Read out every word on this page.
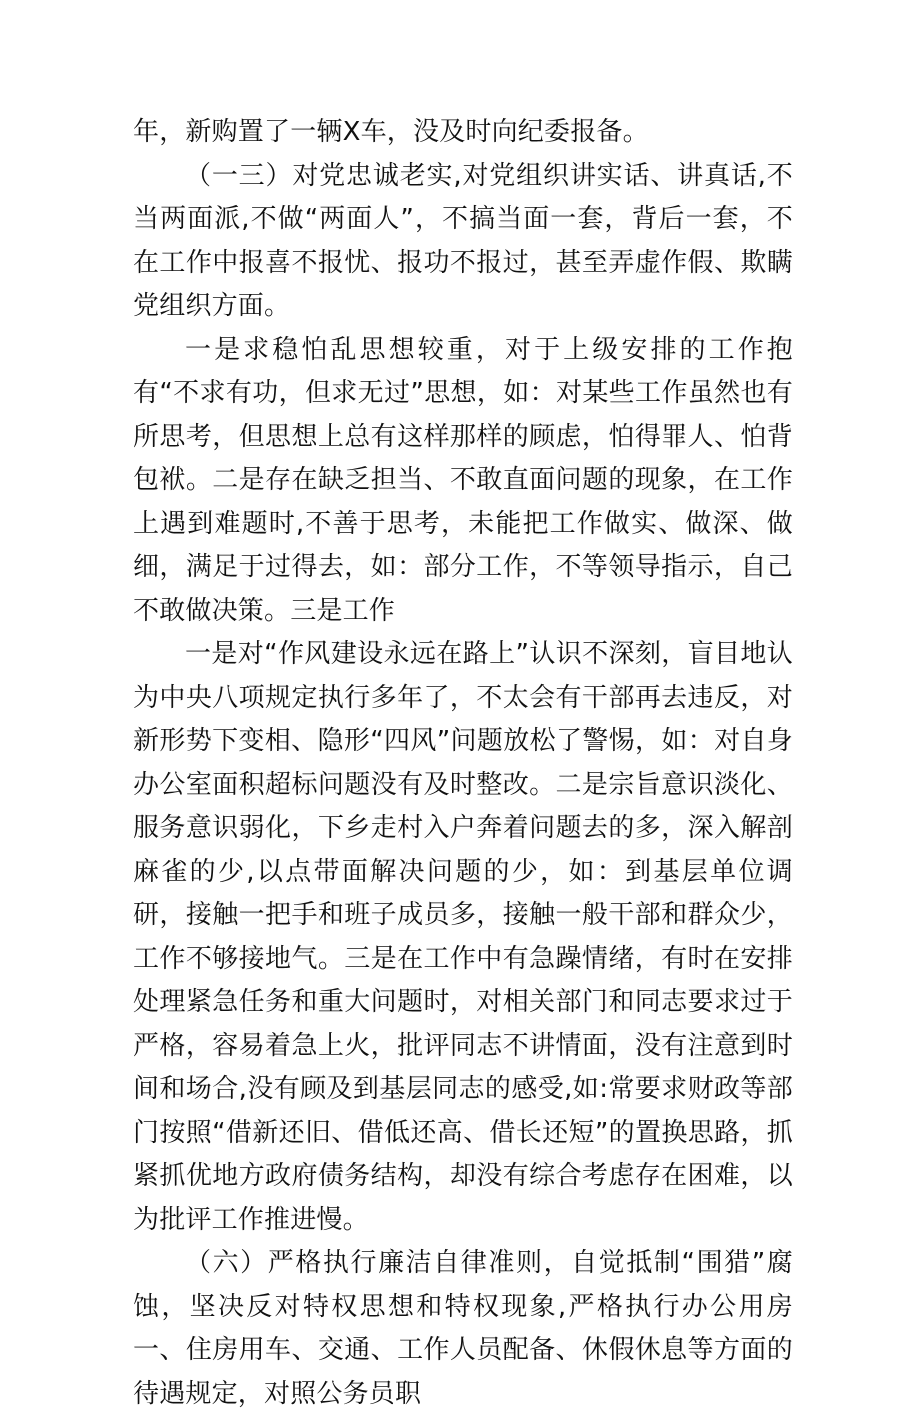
年，新购置了一辆X车，没及时向纪委报备。

（一三）对党忠诚老实,对党组织讲实话、讲真话,不当两面派,不做“两面人”，不搞当面一套，背后一套，不在工作中报喜不报忧、报功不报过，甚至弄虚作假、欺瞒党组织方面。

一是求稳怕乱思想较重，对于上级安排的工作抱有“不求有功，但求无过”思想，如：对某些工作虽然也有所思考，但思想上总有这样那样的顾虑，怕得罪人、怕背包袱。二是存在缺乏担当、不敢直面问题的现象，在工作上遇到难题时,不善于思考，未能把工作做实、做深、做细，满足于过得去，如：部分工作，不等领导指示，自己不敢做决策。三是工作

一是对“作风建设永远在路上”认识不深刻，盲目地认为中央八项规定执行多年了，不太会有干部再去违反，对新形势下变相、隐形“四风”问题放松了警惕，如：对自身办公室面积超标问题没有及时整改。二是宗旨意识淡化、服务意识弱化，下乡走村入户奔着问题去的多，深入解剖麻雀的少,以点带面解决问题的少，如：到基层单位调研，接触一把手和班子成员多，接触一般干部和群众少，工作不够接地气。三是在工作中有急躁情绪，有时在安排处理紧急任务和重大问题时，对相关部门和同志要求过于严格，容易着急上火，批评同志不讲情面，没有注意到时间和场合,没有顾及到基层同志的感受,如:常要求财政等部门按照“借新还旧、借低还高、借长还短”的置换思路，抓紧抓优地方政府债务结构，却没有综合考虑存在困难，以为批评工作推进慢。

（六）严格执行廉洁自律准则，自觉抵制“围猎”腐蚀，坚决反对特权思想和特权现象,严格执行办公用房一、住房用车、交通、工作人员配备、休假休息等方面的待遇规定，对照公务员职
